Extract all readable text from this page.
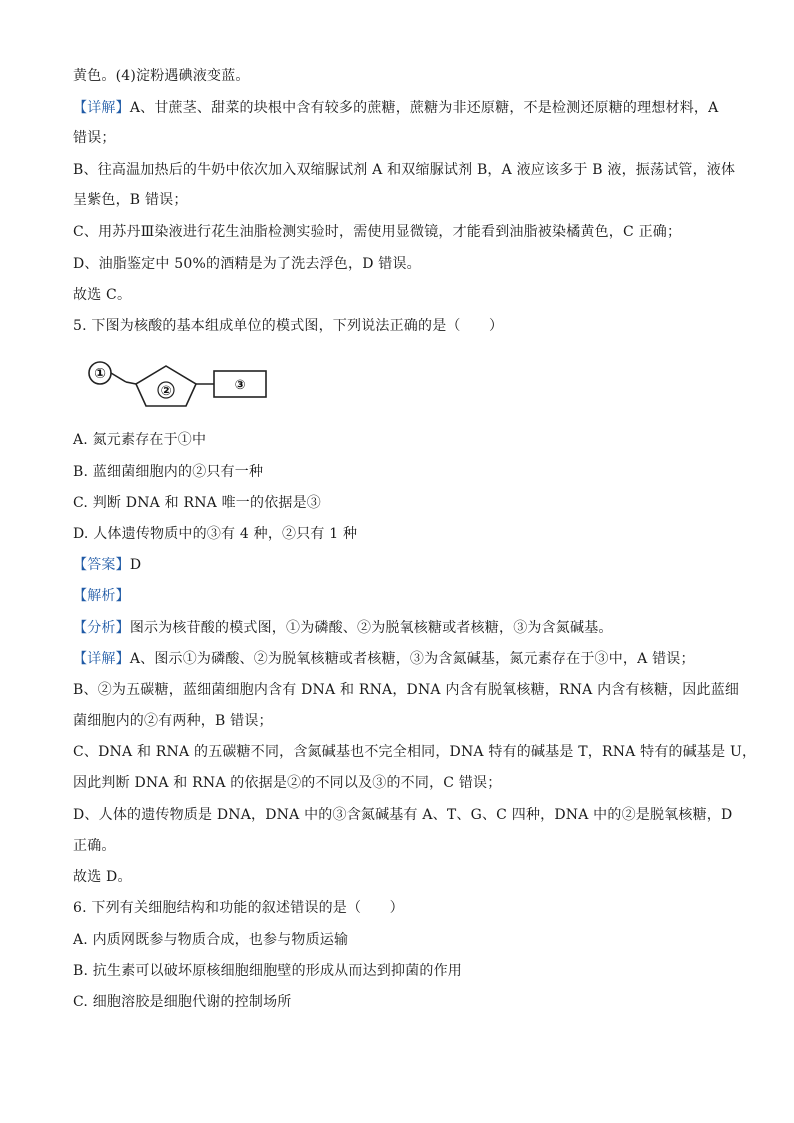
黄色。(4)淀粉遇碘液变蓝。
【详解】A、甘蔗茎、甜菜的块根中含有较多的蔗糖，蔗糖为非还原糖，不是检测还原糖的理想材料，A
错误；
B、往高温加热后的牛奶中依次加入双缩脲试剂 A 和双缩脲试剂 B，A 液应该多于 B 液，振荡试管，液体
呈紫色，B 错误；
C、用苏丹Ⅲ染液进行花生油脂检测实验时，需使用显微镜，才能看到油脂被染橘黄色，C 正确；
D、油脂鉴定中 50%的酒精是为了洗去浮色，D 错误。
故选 C。
5. 下图为核酸的基本组成单位的模式图，下列说法正确的是（　　）
①
②	③
A. 氮元素存在于①中
B. 蓝细菌细胞内的②只有一种
C. 判断 DNA 和 RNA 唯一的依据是③
D. 人体遗传物质中的③有 4 种，②只有 1 种
【答案】D
【解析】
【分析】图示为核苷酸的模式图，①为磷酸、②为脱氧核糖或者核糖，③为含氮碱基。
【详解】A、图示①为磷酸、②为脱氧核糖或者核糖，③为含氮碱基，氮元素存在于③中，A 错误；
B、②为五碳糖，蓝细菌细胞内含有 DNA 和 RNA，DNA 内含有脱氧核糖，RNA 内含有核糖，因此蓝细
菌细胞内的②有两种，B 错误；
C、DNA 和 RNA 的五碳糖不同，含氮碱基也不完全相同，DNA 特有的碱基是 T，RNA 特有的碱基是 U，
因此判断 DNA 和 RNA 的依据是②的不同以及③的不同，C 错误；
D、人体的遗传物质是 DNA，DNA 中的③含氮碱基有 A、T、G、C 四种，DNA 中的②是脱氧核糖，D
正确。
故选 D。
6. 下列有关细胞结构和功能的叙述错误的是（　　）
A. 内质网既参与物质合成，也参与物质运输
B. 抗生素可以破坏原核细胞细胞壁的形成从而达到抑菌的作用
C. 细胞溶胶是细胞代谢的控制场所
